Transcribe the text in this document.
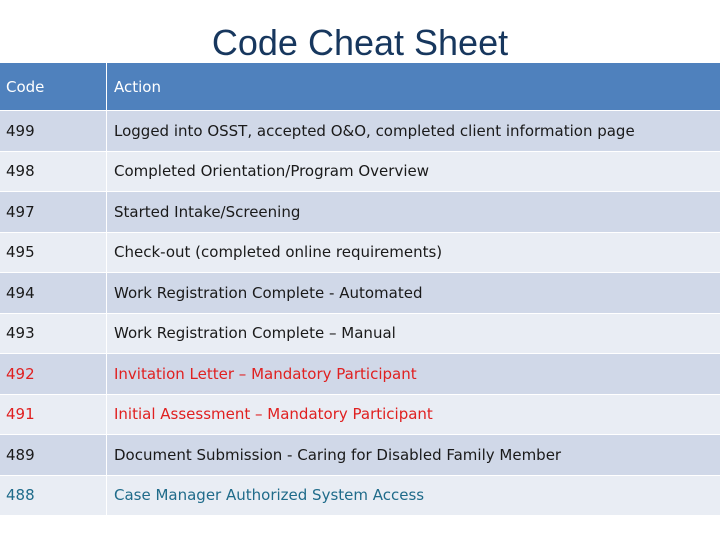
Code Cheat Sheet
Code	Action
499	Logged into OSST, accepted O&O, completed client information page
498	Completed Orientation/Program Overview
497	Started Intake/Screening
495	Check-out (completed online requirements)
494	Work Registration Complete - Automated
493	Work Registration Complete – Manual
492	Invitation Letter – Mandatory Participant
491	Initial Assessment – Mandatory Participant
489	Document Submission - Caring for Disabled Family Member
488	Case Manager Authorized System Access
